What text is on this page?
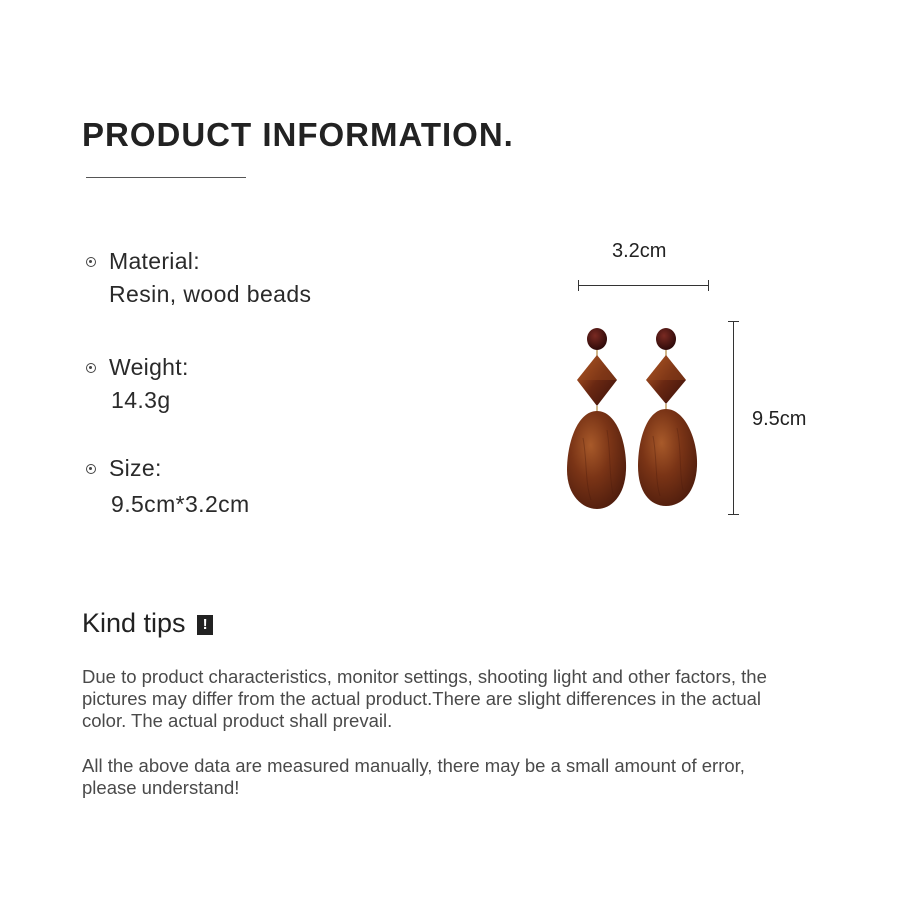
PRODUCT INFORMATION.
Material:
Resin, wood beads
Weight:
14.3g
Size:
9.5cm*3.2cm
3.2cm
9.5cm
Kind tips !

Due to product characteristics, monitor settings, shooting light and other factors, the pictures may differ from the actual product.There are slight differences in the actual color. The actual product shall prevail.

All the above data are measured manually, there may be a small amount of error, please understand!
